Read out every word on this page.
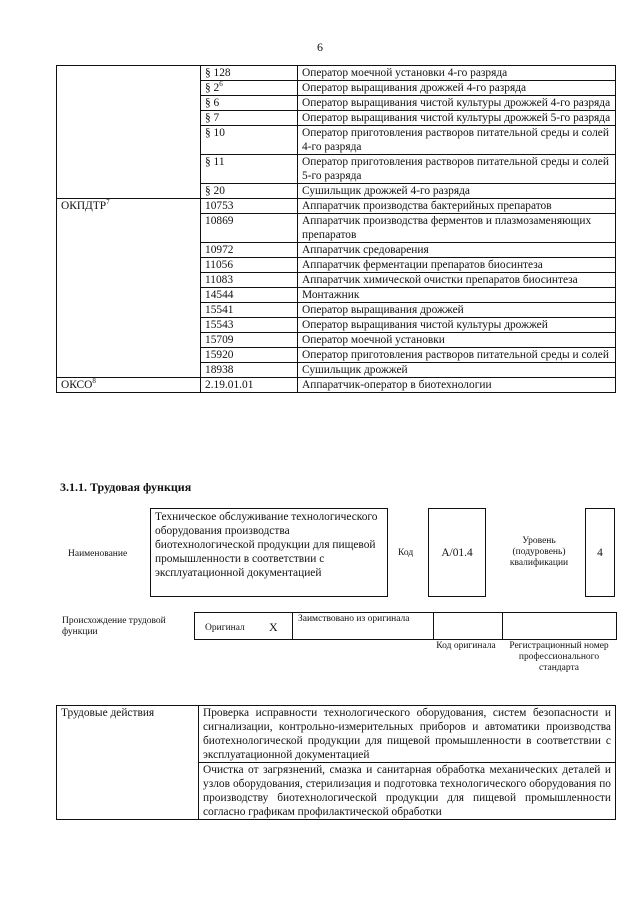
6
	§ 128	Оператор моечной установки 4-го разряда
	§ $2^6$	Оператор выращивания дрожжей 4-го разряда
	§ 6	Оператор выращивания чистой культуры дрожжей 4-го разряда
	§ 7	Оператор выращивания чистой культуры дрожжей 5-го разряда
	§ 10	Оператор приготовления растворов питательной среды и солей 4-го разряда
	§ 11	Оператор приготовления растворов питательной среды и солей 5-го разряда
	§ 20	Сушильщик дрожжей 4-го разряда
ОКПДТР$^7$	10753	Аппаратчик производства бактерийных препаратов
	10869	Аппаратчик производства ферментов и плазмозаменяющих препаратов
	10972	Аппаратчик средоварения
	11056	Аппаратчик ферментации препаратов биосинтеза
	11083	Аппаратчик химической очистки препаратов биосинтеза
	14544	Монтажник
	15541	Оператор выращивания дрожжей
	15543	Оператор выращивания чистой культуры дрожжей
	15709	Оператор моечной установки
	15920	Оператор приготовления растворов питательной среды и солей
	18938	Сушильщик дрожжей
ОКСО$^8$	2.19.01.01	Аппаратчик-оператор в биотехнологии
3.1.1. Трудовая функция
Наименование
Техническое обслуживание технологического оборудования производства биотехнологической продукции для пищевой промышленности в соответствии с эксплуатационной документацией
Код	A/01.4
Уровень (подуровень) квалификации
4
Происхождение трудовой функции	Оригинал X
Заимствовано из оригинала
Код оригинала Регистрационный номер профессионального стандарта
Трудовые действия	Проверка исправности технологического оборудования, систем безопасности и сигнализации, контрольно-измерительных приборов и автоматики производства биотехнологической продукции для пищевой промышленности в соответствии с эксплуатационной документацией
Очистка от загрязнений, смазка и санитарная обработка механических деталей и узлов оборудования, стерилизация и подготовка технологического оборудования по производству биотехнологической продукции для пищевой промышленности согласно графикам профилактической обработки
